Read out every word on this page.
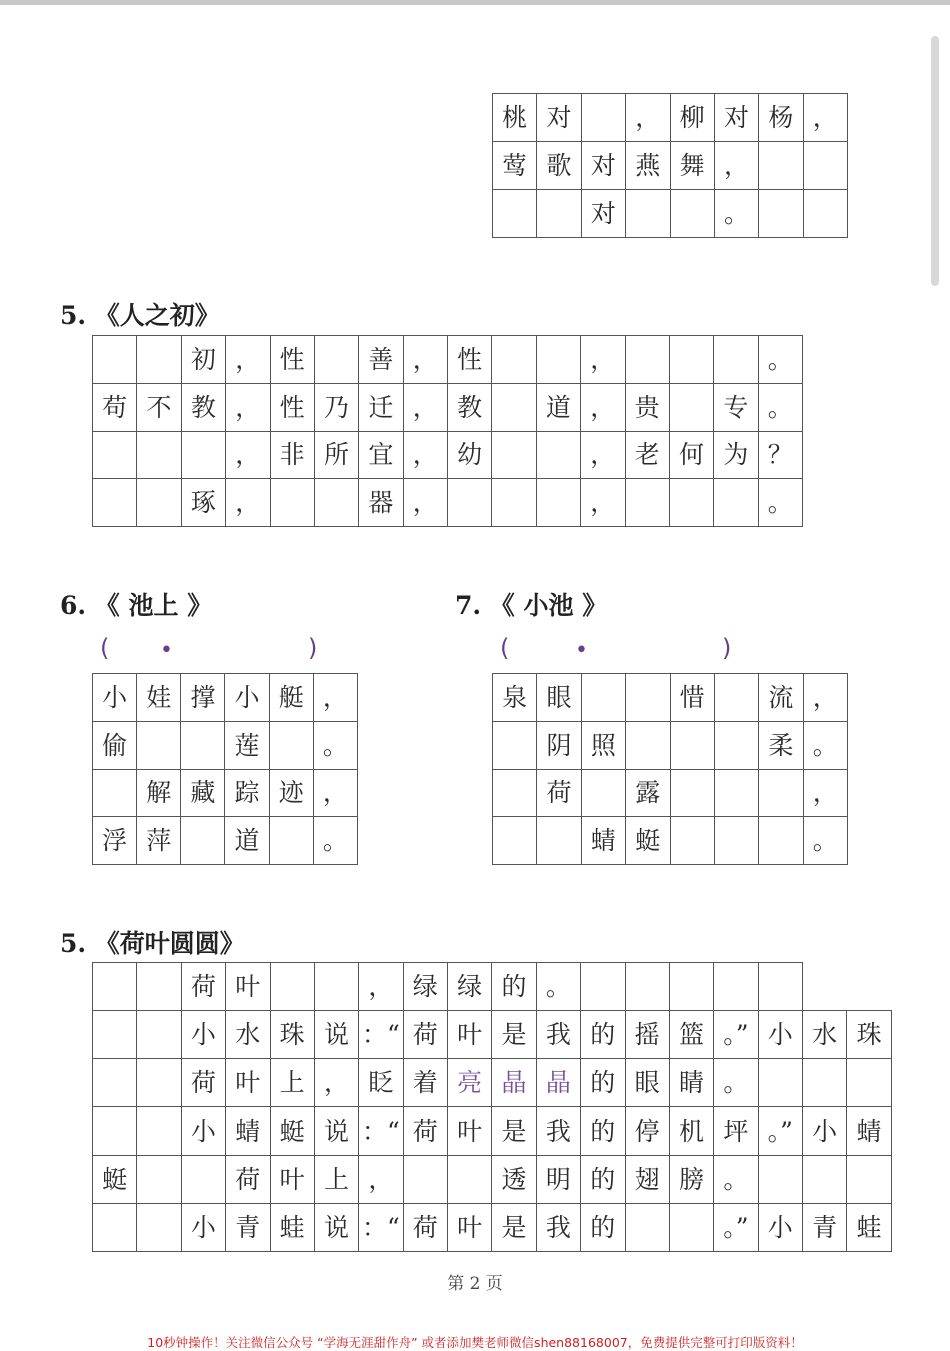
桃	对		，	柳	对	杨	，
莺	歌	对	燕	舞	，		
		对			。		
5. 《人之初》
		初	，	性		善	，	性			，				。
苟	不	教	，	性	乃	迁	，	教		道	，	贵		专	。
			，	非	所	宜	，	幼			，	老	何	为	？
		琢	，			器	，				，				。
6. 《 池上 》
( •	)
小	娃	撑	小	艇	，
偷			莲		。
	解	藏	踪	迹	，
浮	萍		道		。
7. 《 小池 》
(	•	)
泉	眼			惜		流	，
	阴	照				柔	。
	荷		露				，
		蜻	蜓				。
5. 《荷叶圆圆》
		荷	叶			，	绿	绿	的	。							
		小	水	珠	说	：“	荷	叶	是	我	的	摇	篮	。”	小	水	珠
		荷	叶	上	，	眨	着	亮	晶	晶	的	眼	睛	。			
		小	蜻	蜓	说	：“	荷	叶	是	我	的	停	机	坪	。”	小	蜻
蜓			荷	叶	上	，			透	明	的	翅	膀	。			
		小	青	蛙	说	：“	荷	叶	是	我	的			。”	小	青	蛙
第 2 页
10秒钟操作！关注微信公众号 “学海无涯甜作舟” 或者添加樊老师微信shen88168007，免费提供完整可打印版资料！
